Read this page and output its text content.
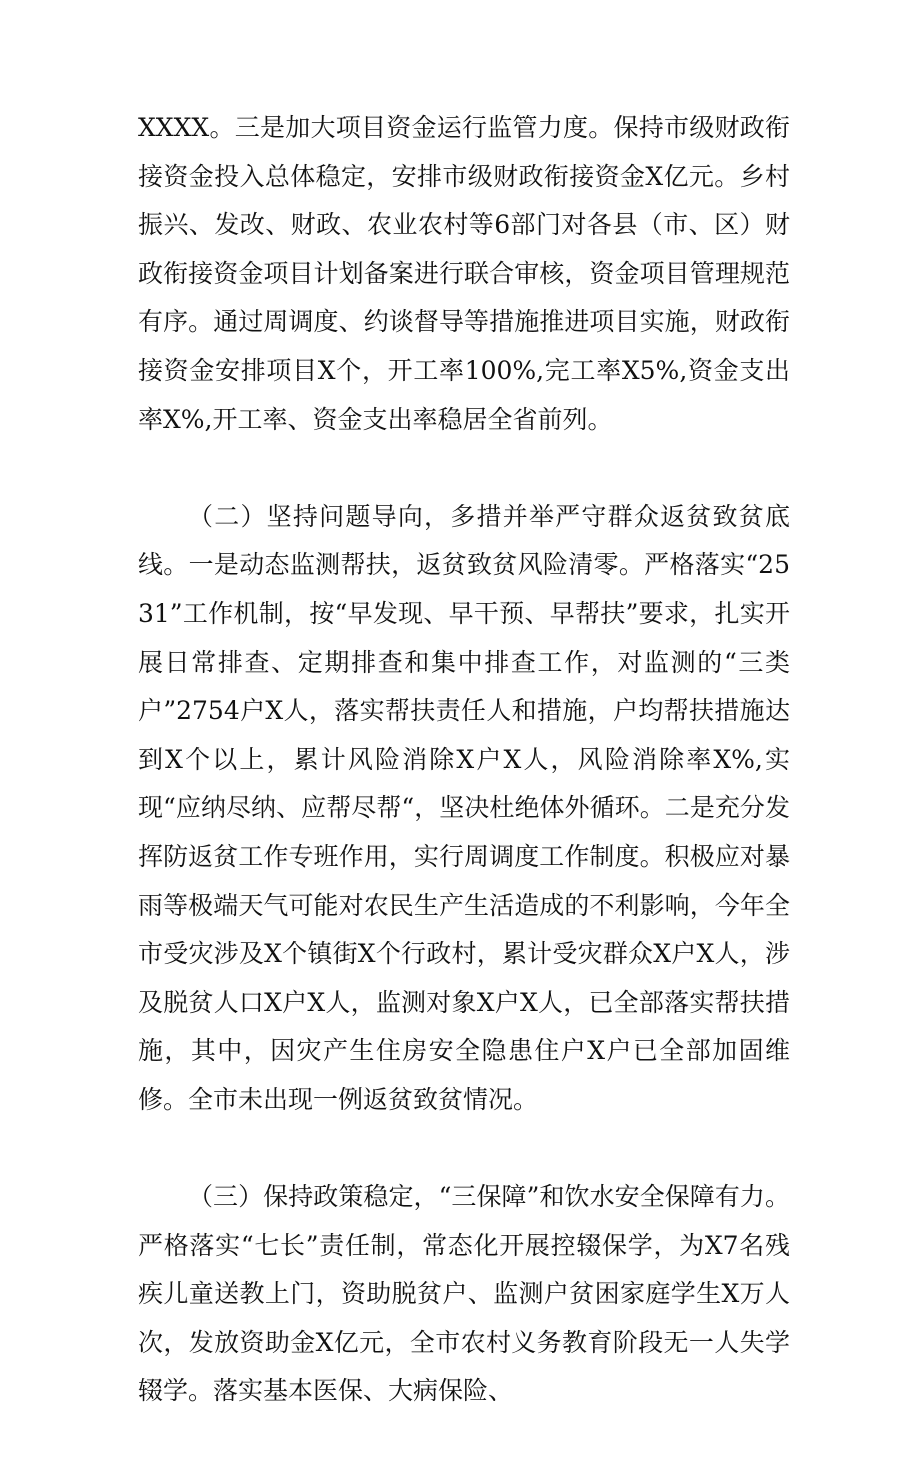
XXXX。三是加大项目资金运行监管力度。保持市级财政衔接资金投入总体稳定，安排市级财政衔接资金X亿元。乡村振兴、发改、财政、农业农村等6部门对各县（市、区）财政衔接资金项目计划备案进行联合审核，资金项目管理规范有序。通过周调度、约谈督导等措施推进项目实施，财政衔接资金安排项目X个，开工率100%,完工率X5%,资金支出率X%,开工率、资金支出率稳居全省前列。

（二）坚持问题导向，多措并举严守群众返贫致贫底线。一是动态监测帮扶，返贫致贫风险清零。严格落实“2531”工作机制，按“早发现、早干预、早帮扶”要求，扎实开展日常排查、定期排查和集中排查工作，对监测的“三类户”2754户X人，落实帮扶责任人和措施，户均帮扶措施达到X个以上，累计风险消除X户X人，风险消除率X%,实现“应纳尽纳、应帮尽帮“，坚决杜绝体外循环。二是充分发挥防返贫工作专班作用，实行周调度工作制度。积极应对暴雨等极端天气可能对农民生产生活造成的不利影响，今年全市受灾涉及X个镇街X个行政村，累计受灾群众X户X人，涉及脱贫人口X户X人，监测对象X户X人，已全部落实帮扶措施，其中，因灾产生住房安全隐患住户X户已全部加固维修。全市未出现一例返贫致贫情况。

（三）保持政策稳定，“三保障”和饮水安全保障有力。严格落实“七长”责任制，常态化开展控辍保学，为X7名残疾儿童送教上门，资助脱贫户、监测户贫困家庭学生X万人次，发放资助金X亿元，全市农村义务教育阶段无一人失学辍学。落实基本医保、大病保险、
